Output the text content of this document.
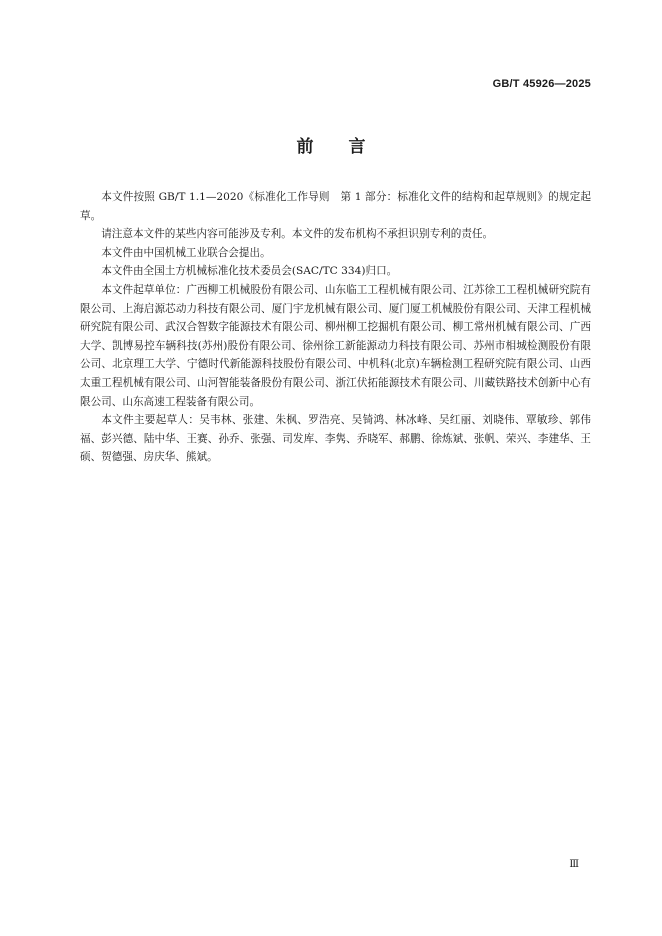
GB/T 45926—2025
前言

本文件按照 GB/T 1.1—2020《标准化工作导则　第 1 部分：标准化文件的结构和起草规则》的规定起草。

请注意本文件的某些内容可能涉及专利。本文件的发布机构不承担识别专利的责任。

本文件由中国机械工业联合会提出。

本文件由全国土方机械标准化技术委员会(SAC/TC 334)归口。

本文件起草单位：广西柳工机械股份有限公司、山东临工工程机械有限公司、江苏徐工工程机械研究院有限公司、上海启源芯动力科技有限公司、厦门宇龙机械有限公司、厦门厦工机械股份有限公司、天津工程机械研究院有限公司、武汉合智数字能源技术有限公司、柳州柳工挖掘机有限公司、柳工常州机械有限公司、广西大学、凯博易控车辆科技(苏州)股份有限公司、徐州徐工新能源动力科技有限公司、苏州市相城检测股份有限公司、北京理工大学、宁德时代新能源科技股份有限公司、中机科(北京)车辆检测工程研究院有限公司、山西太重工程机械有限公司、山河智能装备股份有限公司、浙江伏拓能源技术有限公司、川藏铁路技术创新中心有限公司、山东高速工程装备有限公司。

本文件主要起草人：吴韦林、张建、朱枫、罗浩亮、吴锜鸿、林冰峰、吴红丽、刘晓伟、覃敏珍、郭伟福、彭兴德、陆中华、王赛、孙乔、张强、司发库、李隽、乔晓军、郝鹏、徐炼斌、张帆、荣兴、李建华、王硕、贺德强、房庆华、熊斌。

Ⅲ
